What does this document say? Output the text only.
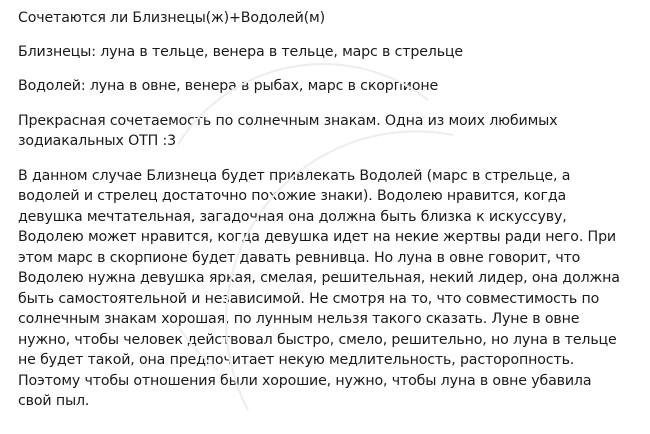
Сочетаются ли Близнецы(ж)+Водолей(м)
Близнецы: луна в тельце, венера в тельце, марс в стрельце
Водолей: луна в овне, венера в рыбах, марс в скорпионе
Прекрасная сочетаемость по солнечным знакам. Одна из моих любимых
зодиакальных ОТП :3
В данном случае Близнеца будет привлекать Водолей (марс в стрельце, а
водолей и стрелец достаточно похожие знаки). Водолею нравится, когда
девушка мечтательная, загадочная она должна быть близка к искуссуву,
Водолею может нравится, когда девушка идет на некие жертвы ради него. При
этом марс в скорпионе будет давать ревнивца. Но луна в овне говорит, что
Водолею нужна девушка яркая, смелая, решительная, некий лидер, она должна
быть самостоятельной и независимой. Не смотря на то, что совместимость по
солнечным знакам хорошая, по лунным нельзя такого сказать. Луне в овне
нужно, чтобы человек действовал быстро, смело, решительно, но луна в тельце
не будет такой, она предпочитает некую медлительность, расторопность.
Поэтому чтобы отношения были хорошие, нужно, чтобы луна в овне убавила
свой пыл.
